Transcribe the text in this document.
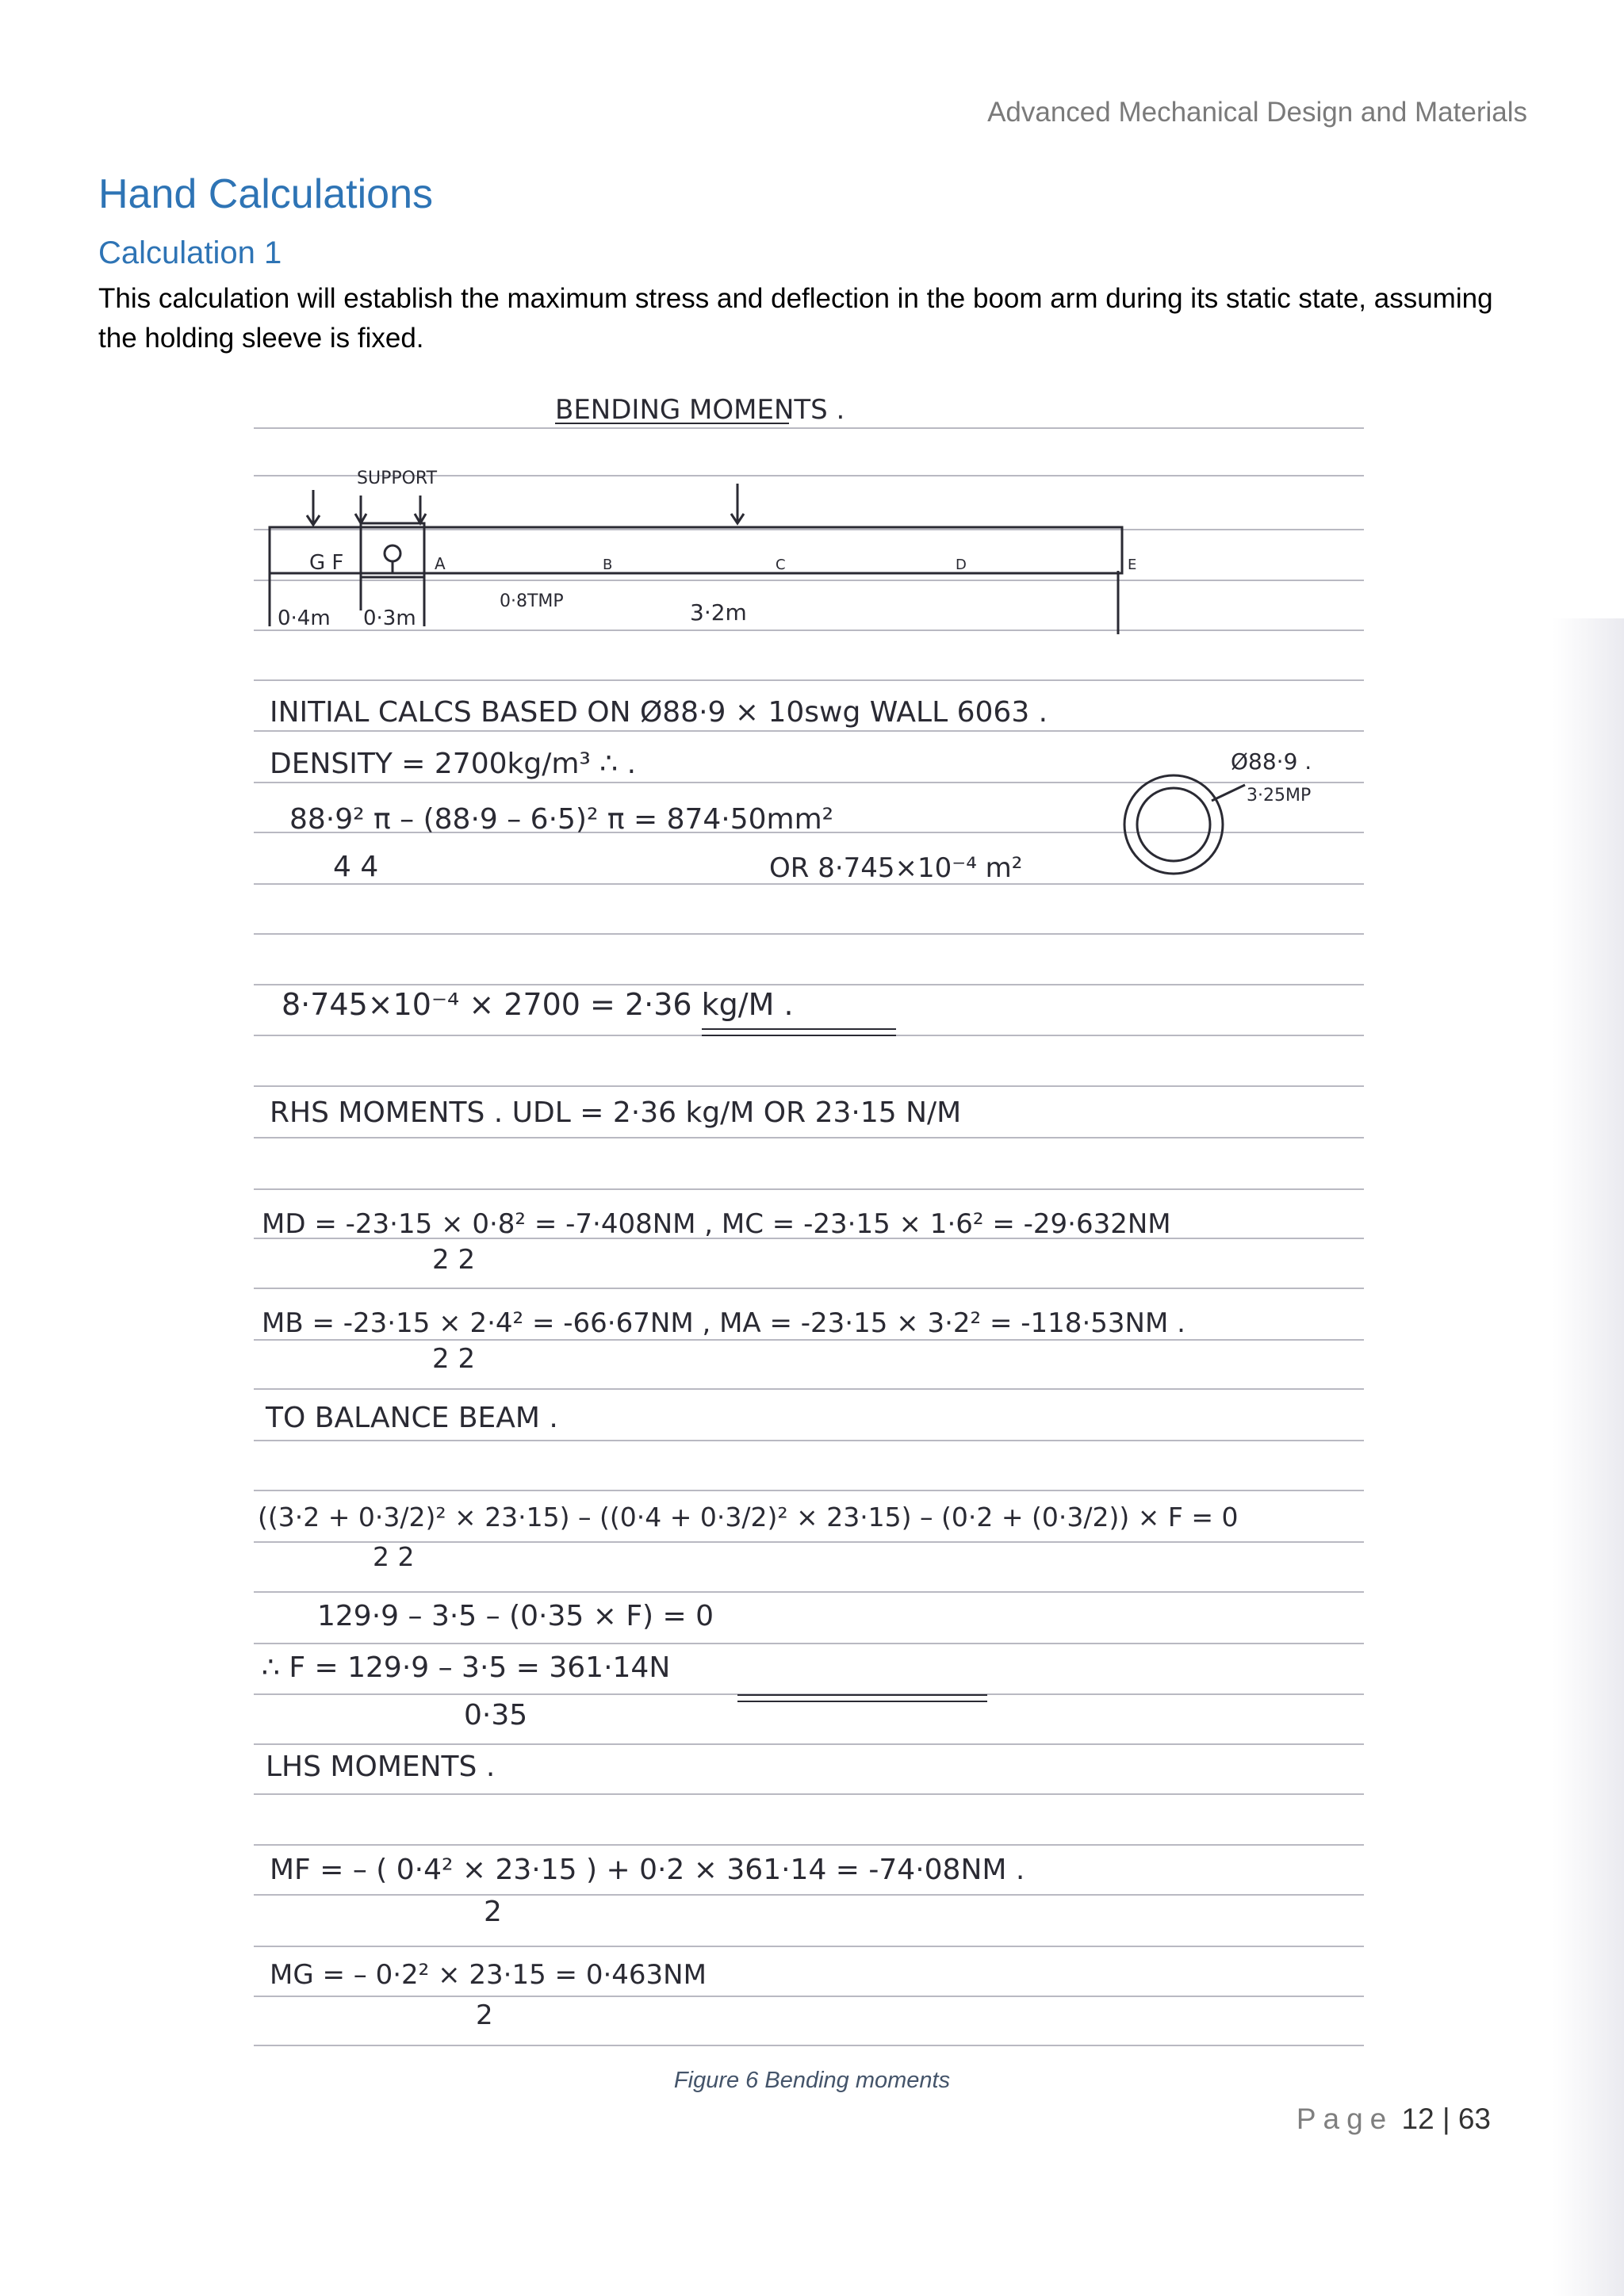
Advanced Mechanical Design and Materials
Hand Calculations
Calculation 1
This calculation will establish the maximum stress and deflection in the boom arm during its static state, assuming the holding sleeve is fixed.
BENDING MOMENTS .
SUPPORT
G F	A	B	C	D	E
0·4m 0·3m
0·8TMP	3·2m
INITIAL CALCS BASED ON Ø88·9 × 10swg WALL 6063 .
DENSITY = 2700kg/m³ ∴ .	Ø88·9 .
3·25MP
88·9² π – (88·9 – 6·5)² π = 874·50mm²
4 4	OR 8·745×10⁻⁴ m²
8·745×10⁻⁴ × 2700 = 2·36 kg/M .
RHS MOMENTS . UDL = 2·36 kg/M OR 23·15 N/M
MD = -23·15 × 0·8² = -7·408NM , MC = -23·15 × 1·6² = -29·632NM
2 2
MB = -23·15 × 2·4² = -66·67NM , MA = -23·15 × 3·2² = -118·53NM .
2 2
TO BALANCE BEAM .
((3·2 + 0·3/2)² × 23·15) – ((0·4 + 0·3/2)² × 23·15) – (0·2 + (0·3/2)) × F = 0
2 2
129·9 – 3·5 – (0·35 × F) = 0
∴ F = 129·9 – 3·5 = 361·14N
0·35
LHS MOMENTS .
MF = – ( 0·4² × 23·15 ) + 0·2 × 361·14 = -74·08NM .
2
MG = – 0·2² × 23·15 = 0·463NM
2
Figure 6 Bending moments
Page 12 | 63
